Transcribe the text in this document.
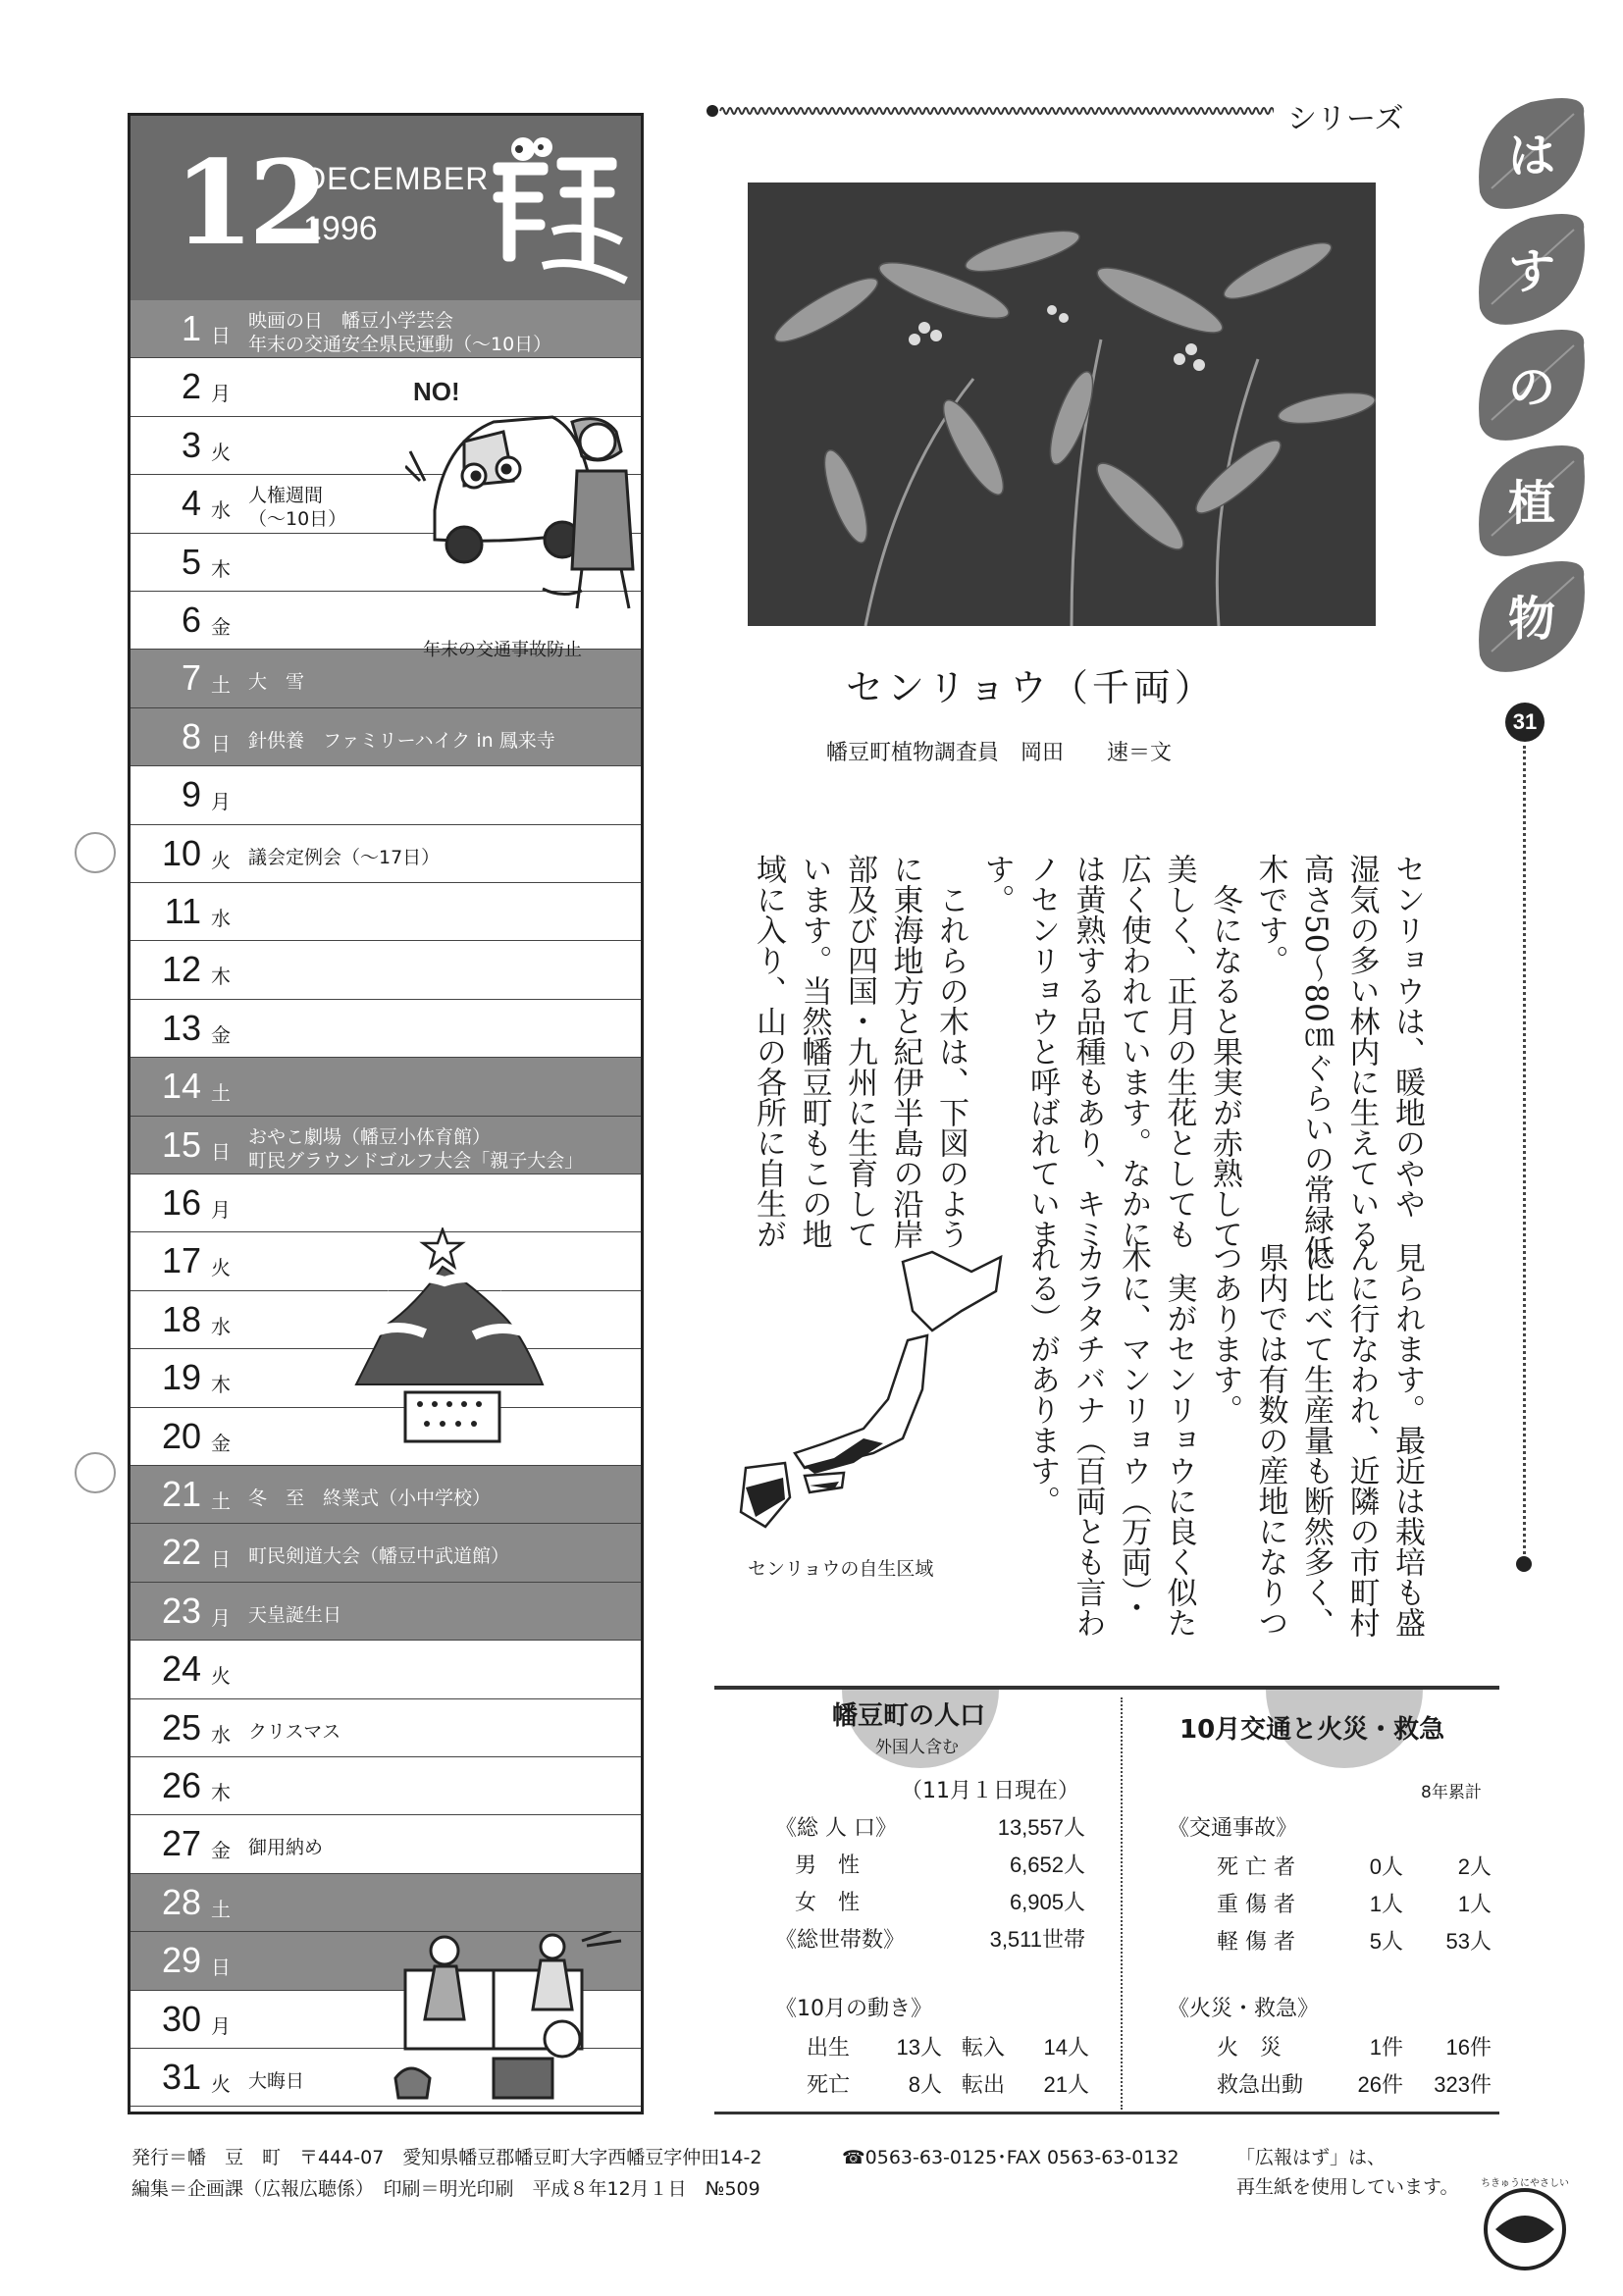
12
DECEMBER
1996
1 日
映画の日　幡豆小学芸会
年末の交通安全県民運動（～10日）
2 月
3 火
4 水
人権週間
（～10日）
5 木
6 金
7 土 大　雪
8 日 針供養　ファミリーハイク in 鳳来寺
9 月
10 火 議会定例会（～17日）
11 水
12 木
13 金
14 土
15 日
おやこ劇場（幡豆小体育館）
町民グラウンドゴルフ大会「親子大会」
16 月
17 火
18 水
19 木
20 金
21 土 冬　至　終業式（小中学校）
22 日 町民剣道大会（幡豆中武道館）
23 月 天皇誕生日
24 火
25 水 クリスマス
26 木
27 金 御用納め
28 土
29 日
30 月
31 火 大晦日
NO!
年末の交通事故防止
シリーズ
は
す
の
植
物
31
センリョウ（千両）
幡豆町植物調査員　岡田　　速＝文
センリョウは、暖地のやや
湿気の多い林内に生えている
高さ50～80㎝ぐらいの常緑低
木です。
　冬になると果実が赤熟して
美しく、正月の生花としても
広く使われています。なかに
は黄熟する品種もあり、キミ
ノセンリョウと呼ばれていま
す。
　これらの木は、下図のよう
に東海地方と紀伊半島の沿岸
部及び四国・九州に生育して
います。当然幡豆町もこの地
域に入り、山の各所に自生が
見られます。最近は栽培も盛
んに行なわれ、近隣の市町村
に比べて生産量も断然多く、
県内では有数の産地になりつ
つあります。
　実がセンリョウに良く似た
木に、マンリョウ（万両）・
カラタチバナ（百両とも言わ
れる）があります。
センリョウの自生区域
幡豆町の人口
外国人含む
（11月１日現在）
《総 人 口》	13,557人
男　性	6,652人
女　性	6,905人
《総世帯数》	3,511世帯
《10月の動き》
出生	13人 転入	14人
死亡	8人 転出	21人
10月交通と火災・救急
8年累計
《交通事故》
死 亡 者	0人	2人
重 傷 者	1人	1人
軽 傷 者	5人	53人
《火災・救急》
火　災	1件	16件
救急出動	26件	323件
発行＝幡　豆　町　〒444-07　愛知県幡豆郡幡豆町大字西幡豆字仲田14-2	☎0563-63-0125･FAX 0563-63-0132
編集＝企画課（広報広聴係）　印刷＝明光印刷　平成８年12月１日　№509
「広報はず」は、
再生紙を使用しています。 ちきゅうにやさしい
